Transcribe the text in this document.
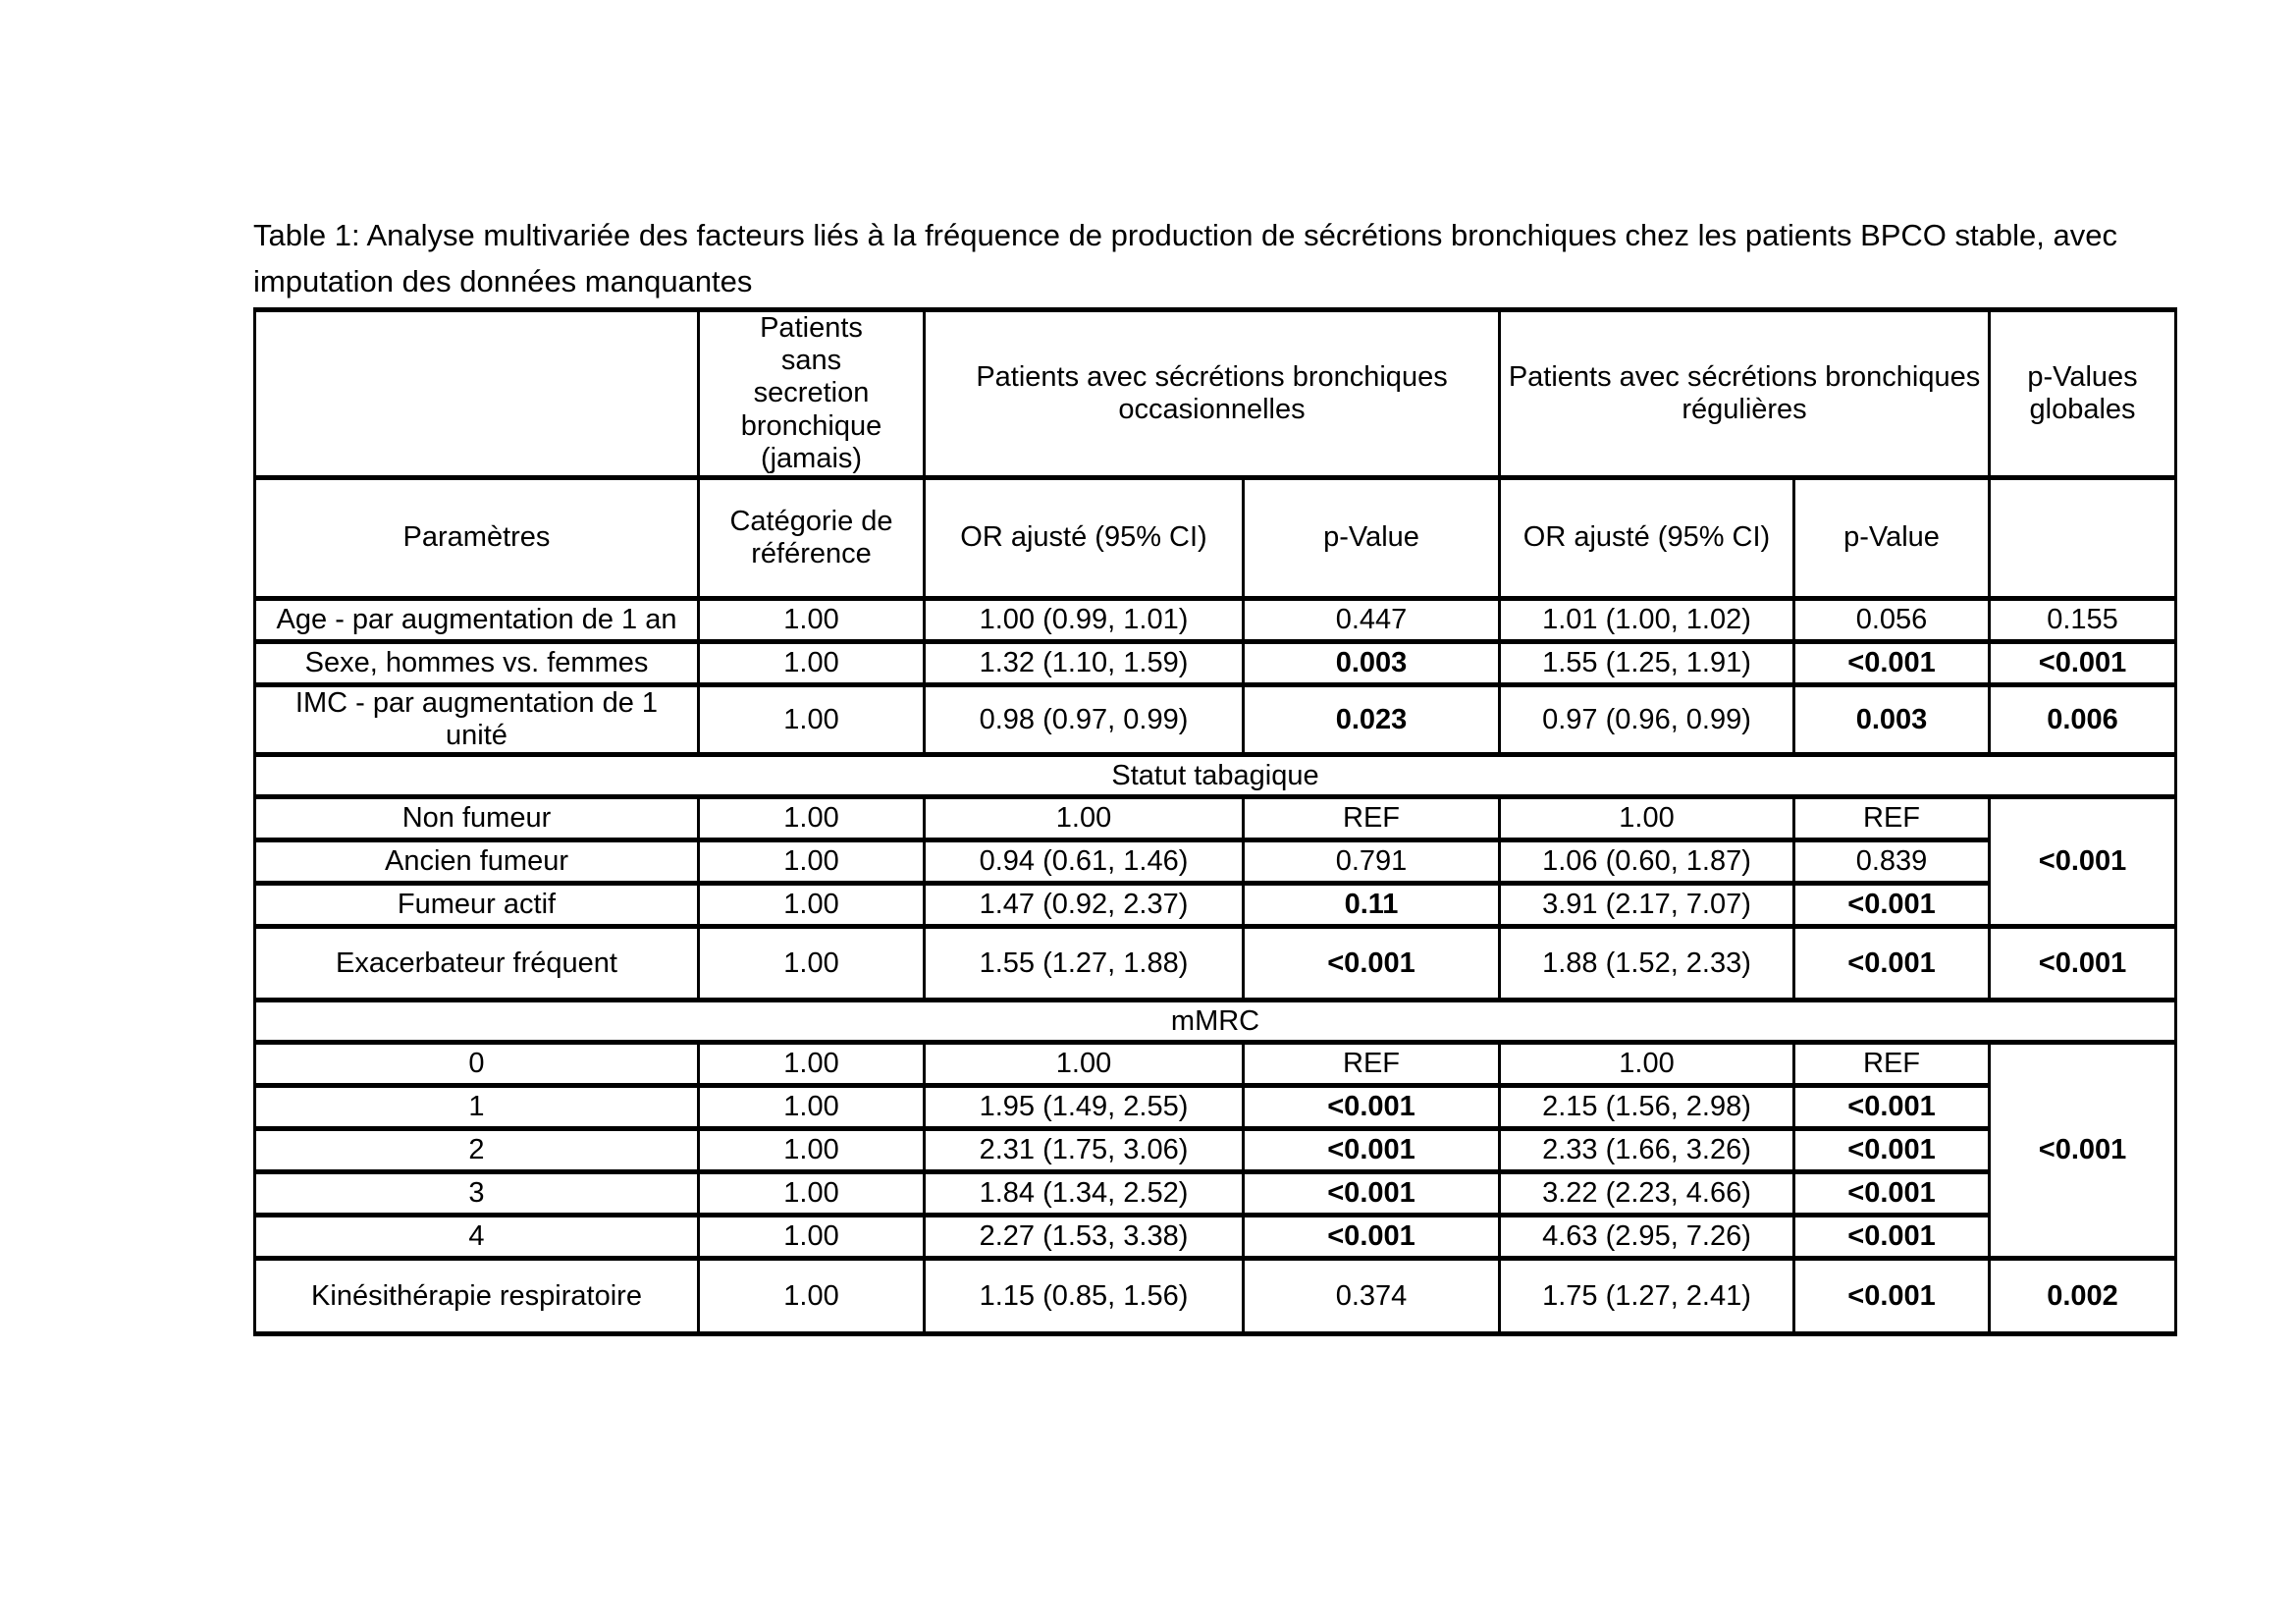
Table 1: Analyse multivariée des facteurs liés à la fréquence de production de sécrétions bronchiques chez les patients BPCO stable, avec
imputation des données manquantes

	Patients sans secretion bronchique (jamais)	Patients avec sécrétions bronchiques occasionnelles		Patients avec sécrétions bronchiques régulières		p-Values globales

Paramètres	Catégorie de référence	OR ajusté (95% CI)	p-Value	OR ajusté (95% CI)	p-Value	
Age - par augmentation de 1 an	1.00	1.00 (0.99, 1.01)	0.447	1.01 (1.00, 1.02)	0.056	0.155
Sexe, hommes vs. femmes	1.00	1.32 (1.10, 1.59)	0.003	1.55 (1.25, 1.91)	<0.001	<0.001
IMC - par augmentation de 1 unité	1.00	0.98 (0.97, 0.99)	0.023	0.97 (0.96, 0.99)	0.003	0.006
Statut tabagique						
Non fumeur	1.00	1.00	REF	1.00	REF	<0.001
Ancien fumeur	1.00	0.94 (0.61, 1.46)	0.791	1.06 (0.60, 1.87)	0.839	
Fumeur actif	1.00	1.47 (0.92, 2.37)	0.11	3.91 (2.17, 7.07)	<0.001	
Exacerbateur fréquent	1.00	1.55 (1.27, 1.88)	<0.001	1.88 (1.52, 2.33)	<0.001	<0.001
mMRC						
0	1.00	1.00	REF	1.00	REF	<0.001
1	1.00	1.95 (1.49, 2.55)	<0.001	2.15 (1.56, 2.98)	<0.001	
2	1.00	2.31 (1.75, 3.06)	<0.001	2.33 (1.66, 3.26)	<0.001	
3	1.00	1.84 (1.34, 2.52)	<0.001	3.22 (2.23, 4.66)	<0.001	
4	1.00	2.27 (1.53, 3.38)	<0.001	4.63 (2.95, 7.26)	<0.001	
Kinésithérapie respiratoire	1.00	1.15 (0.85, 1.56)	0.374	1.75 (1.27, 2.41)	<0.001	0.002
